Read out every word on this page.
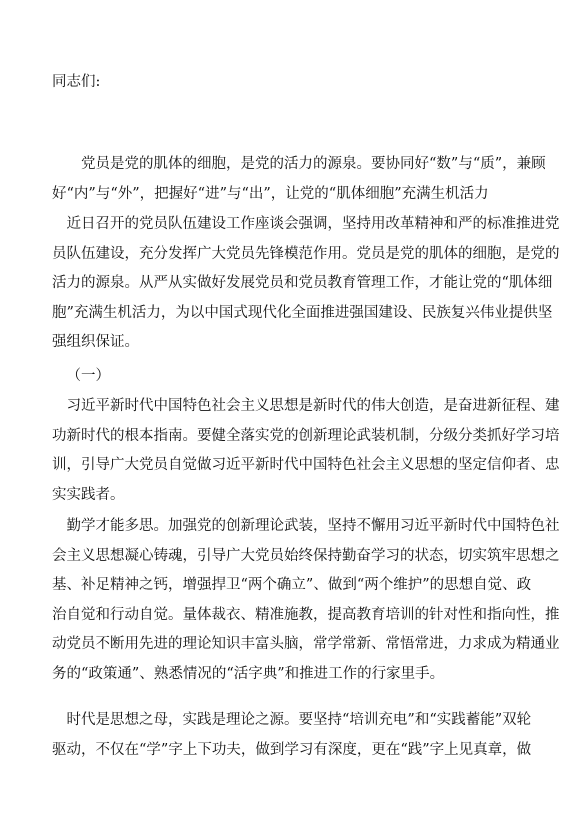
同志们:
党员是党的肌体的细胞，是党的活力的源泉。要协同好“数”与“质”，兼顾
好“内”与“外”，把握好“进”与“出”，让党的“肌体细胞”充满生机活力
近日召开的党员队伍建设工作座谈会强调，坚持用改革精神和严的标准推进党
员队伍建设，充分发挥广大党员先锋模范作用。党员是党的肌体的细胞，是党的
活力的源泉。从严从实做好发展党员和党员教育管理工作，才能让党的“肌体细
胞”充满生机活力，为以中国式现代化全面推进强国建设、民族复兴伟业提供坚
强组织保证。
（一）
习近平新时代中国特色社会主义思想是新时代的伟大创造，是奋进新征程、建
功新时代的根本指南。要健全落实党的创新理论武装机制，分级分类抓好学习培
训，引导广大党员自觉做习近平新时代中国特色社会主义思想的坚定信仰者、忠
实实践者。
勤学才能多思。加强党的创新理论武装，坚持不懈用习近平新时代中国特色社
会主义思想凝心铸魂，引导广大党员始终保持勤奋学习的状态，切实筑牢思想之
基、补足精神之钙，增强捍卫“两个确立”、做到“两个维护”的思想自觉、政
治自觉和行动自觉。量体裁衣、精准施教，提高教育培训的针对性和指向性，推
动党员不断用先进的理论知识丰富头脑，常学常新、常悟常进，力求成为精通业
务的“政策通”、熟悉情况的“活字典”和推进工作的行家里手。
时代是思想之母，实践是理论之源。要坚持“培训充电”和“实践蓄能”双轮
驱动，不仅在“学”字上下功夫，做到学习有深度，更在“践”字上见真章，做
